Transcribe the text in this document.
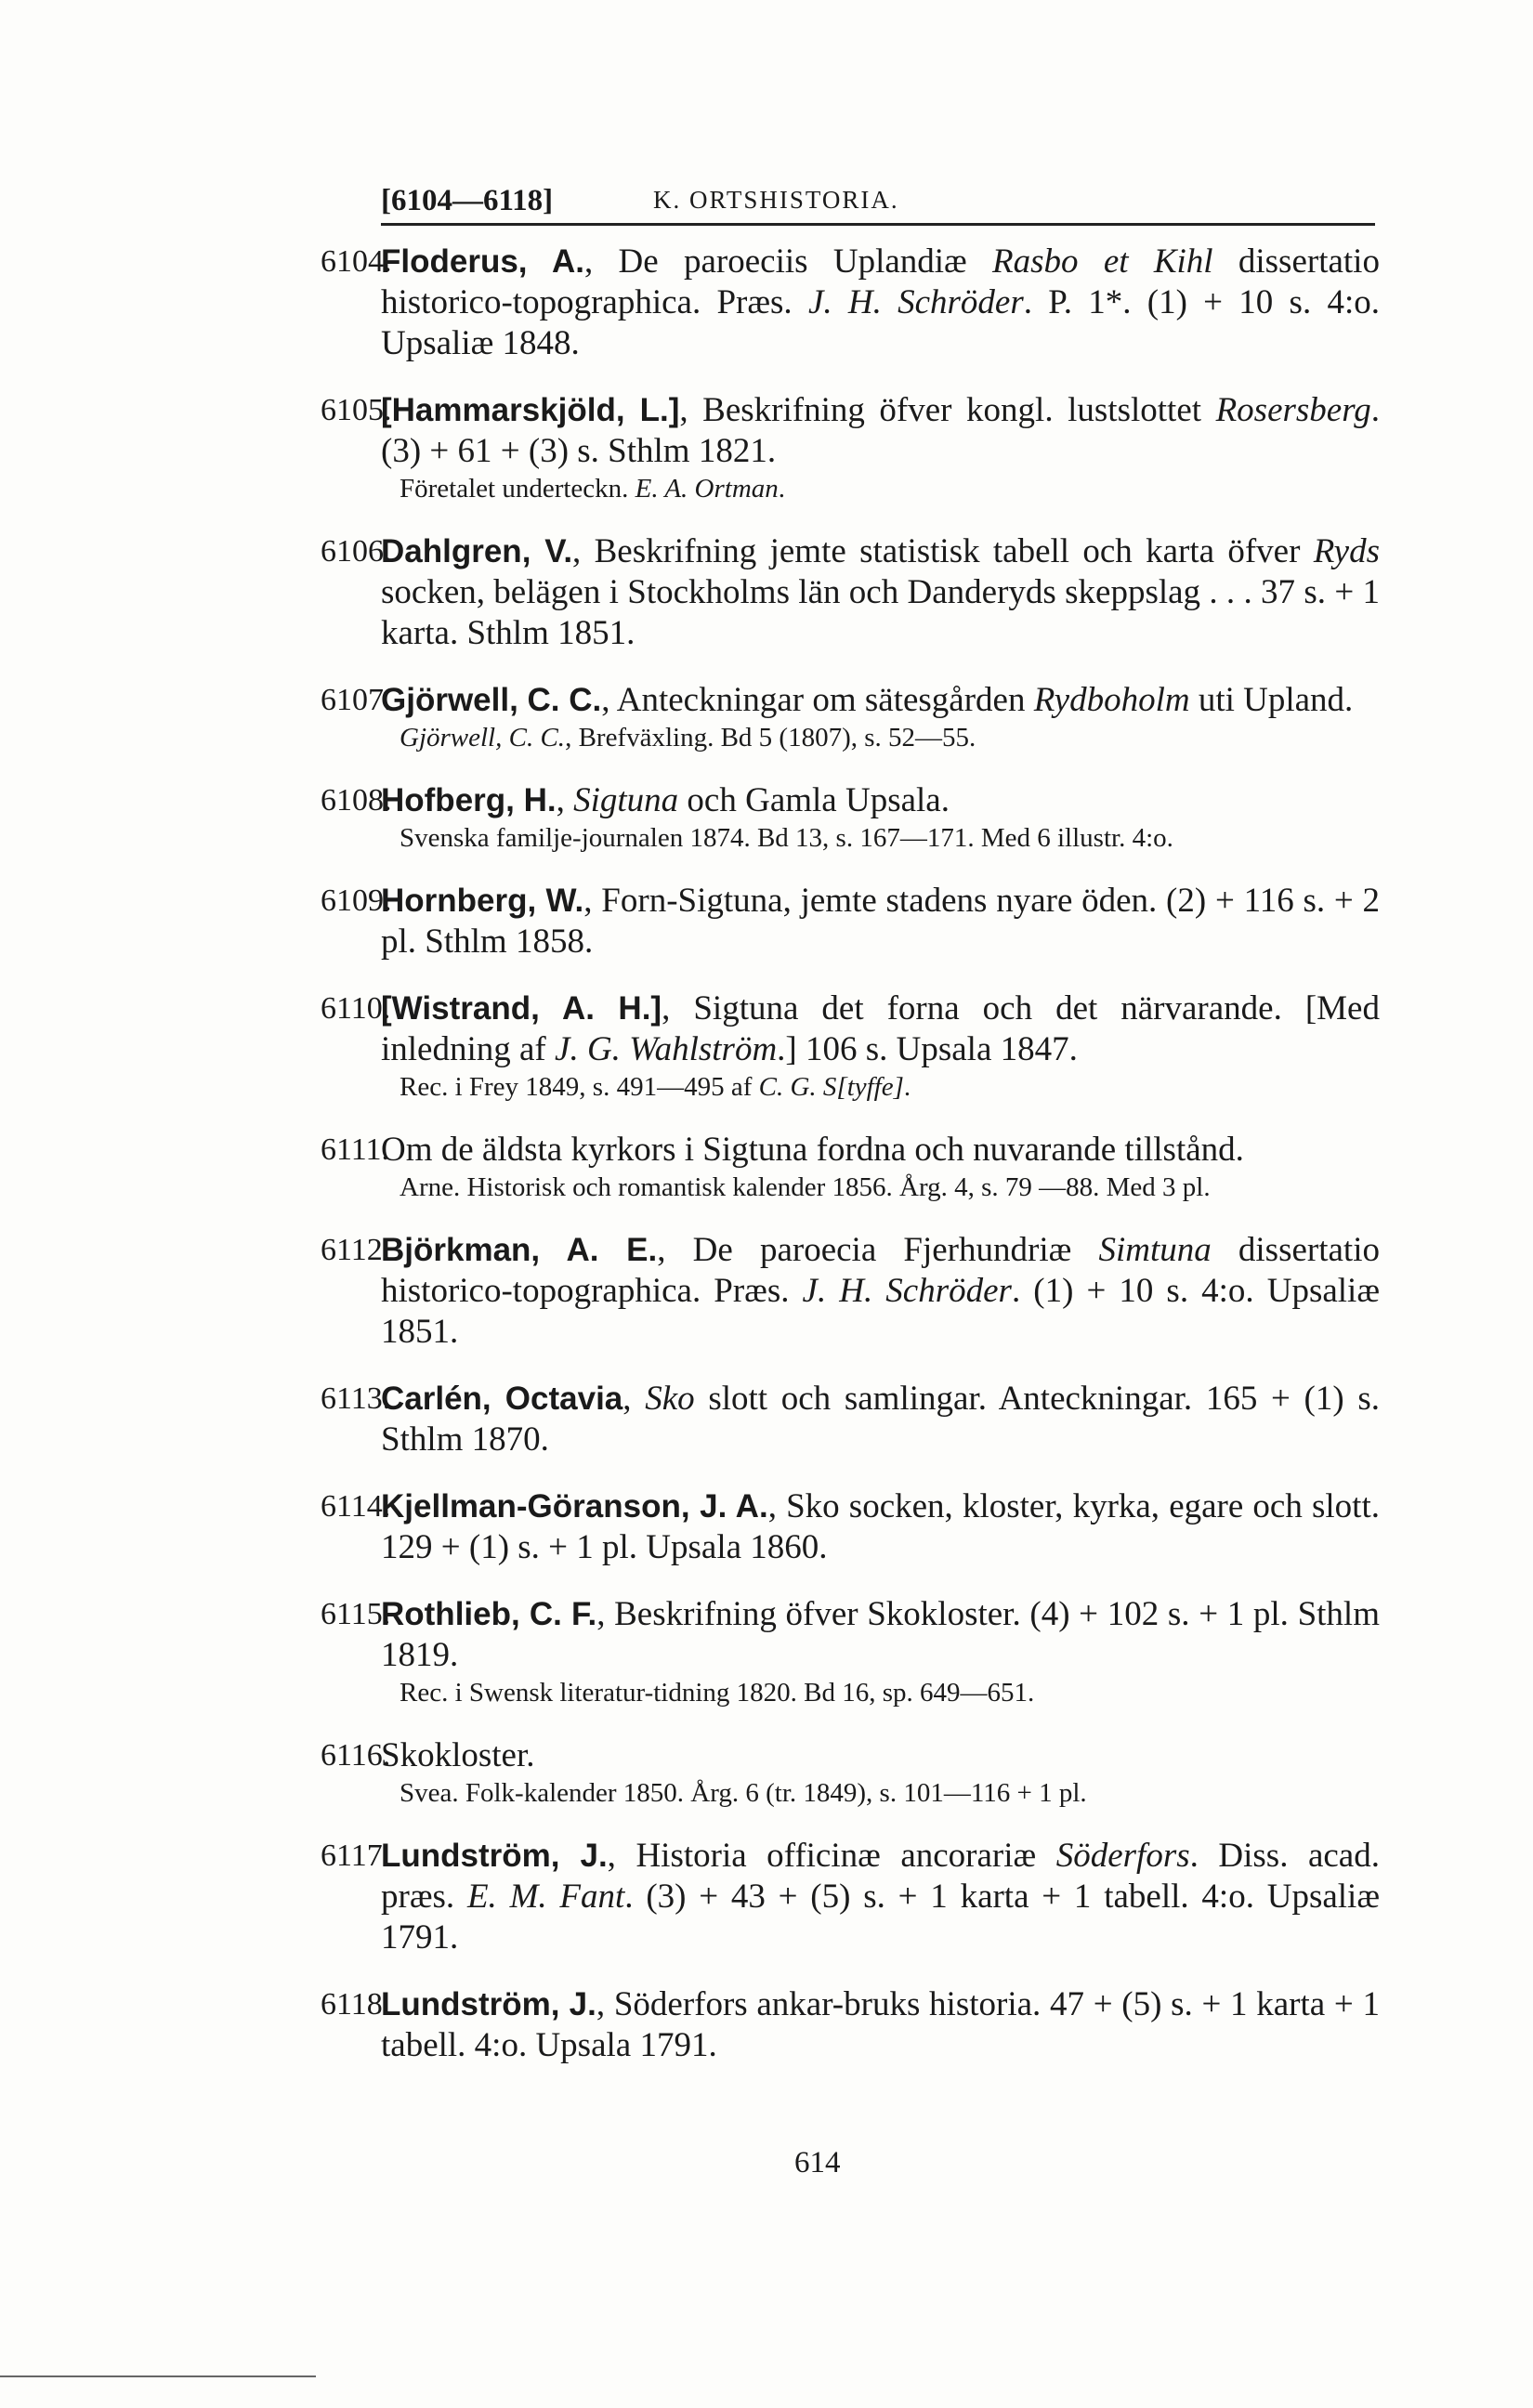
[6104—6118]	K. ORTSHISTORIA.
6104.
Floderus, A., De paroeciis Uplandiæ Rasbo et Kihl dissertatio historico-topographica. Præs. J. H. Schröder. P. 1*. (1) + 10 s. 4:o. Upsaliæ 1848.
6105.
[Hammarskjöld, L.], Beskrifning öfver kongl. lustslottet Rosersberg. (3) + 61 + (3) s. Sthlm 1821.
Företalet underteckn. E. A. Ortman.
6106.
Dahlgren, V., Beskrifning jemte statistisk tabell och karta öfver Ryds socken, belägen i Stockholms län och Danderyds skeppslag . . . 37 s. + 1 karta. Sthlm 1851.
6107.
Gjörwell, C. C., Anteckningar om sätesgården Rydboholm uti Upland.
Gjörwell, C. C., Brefväxling. Bd 5 (1807), s. 52—55.
6108.
Hofberg, H., Sigtuna och Gamla Upsala.
Svenska familje-journalen 1874. Bd 13, s. 167—171. Med 6 illustr. 4:o.
6109.
Hornberg, W., Forn-Sigtuna, jemte stadens nyare öden. (2) + 116 s. + 2 pl. Sthlm 1858.
6110.
[Wistrand, A. H.], Sigtuna det forna och det närvarande. [Med inledning af J. G. Wahlström.] 106 s. Upsala 1847.
Rec. i Frey 1849, s. 491—495 af C. G. S[tyffe].
6111.
Om de äldsta kyrkors i Sigtuna fordna och nuvarande tillstånd.
Arne. Historisk och romantisk kalender 1856. Årg. 4, s. 79 —88. Med 3 pl.
6112.
Björkman, A. E., De paroecia Fjerhundriæ Simtuna dissertatio historico-topographica. Præs. J. H. Schröder. (1) + 10 s. 4:o. Upsaliæ 1851.
6113.
Carlén, Octavia, Sko slott och samlingar. Anteckningar. 165 + (1) s. Sthlm 1870.
6114.
Kjellman-Göranson, J. A., Sko socken, kloster, kyrka, egare och slott. 129 + (1) s. + 1 pl. Upsala 1860.
6115.
Rothlieb, C. F., Beskrifning öfver Skokloster. (4) + 102 s. + 1 pl. Sthlm 1819.
Rec. i Swensk literatur-tidning 1820. Bd 16, sp. 649—651.
6116.
Skokloster.
Svea. Folk-kalender 1850. Årg. 6 (tr. 1849), s. 101—116 + 1 pl.
6117.
Lundström, J., Historia officinæ ancorariæ Söderfors. Diss. acad. præs. E. M. Fant. (3) + 43 + (5) s. + 1 karta + 1 tabell. 4:o. Upsaliæ 1791.
6118.
Lundström, J., Söderfors ankar-bruks historia. 47 + (5) s. + 1 karta + 1 tabell. 4:o. Upsala 1791.
614
